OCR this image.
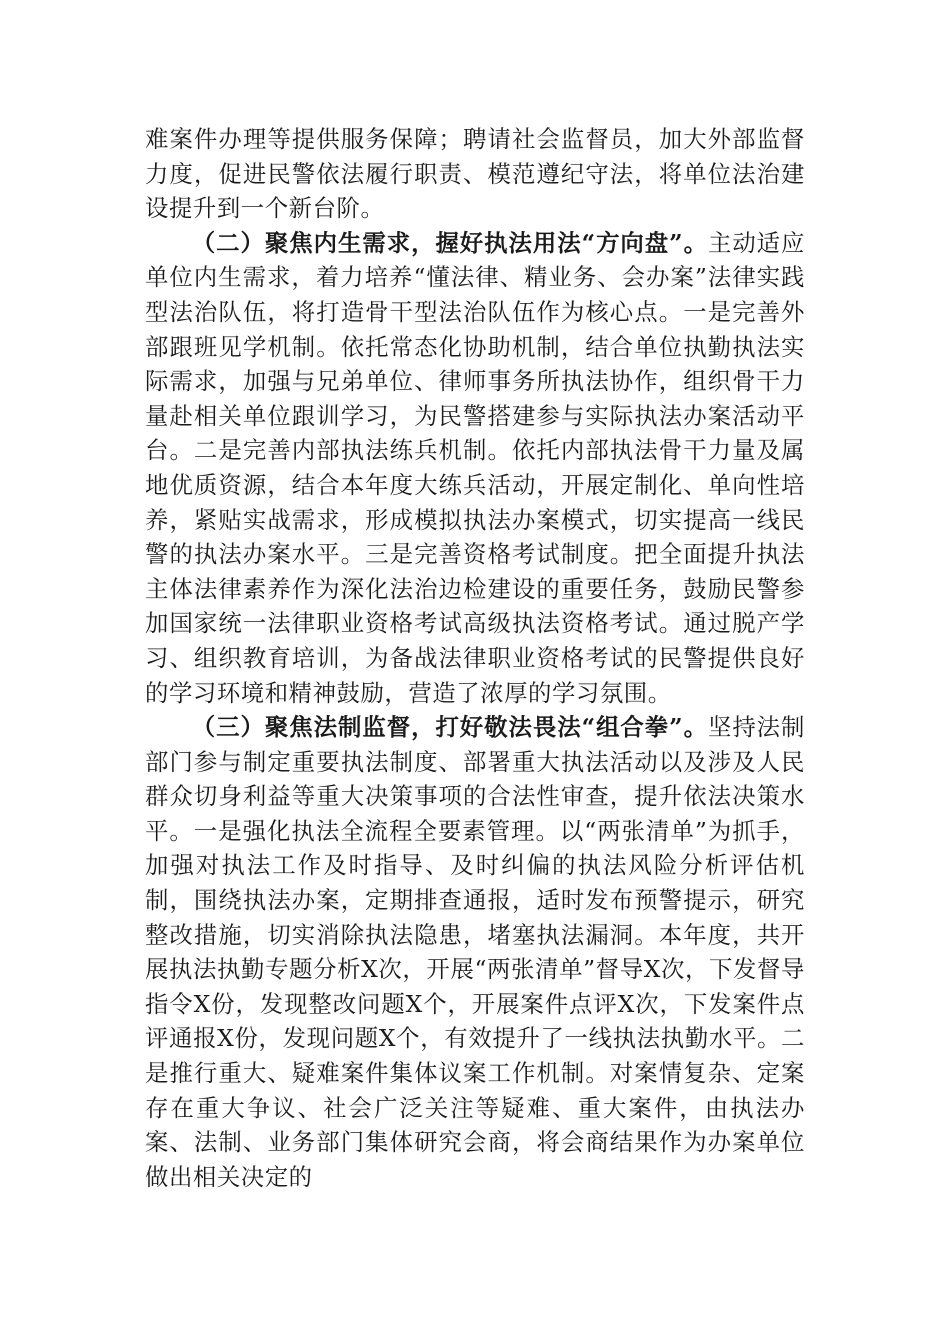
难案件办理等提供服务保障；聘请社会监督员，加大外部监督力度，促进民警依法履行职责、模范遵纪守法，将单位法治建设提升到一个新台阶。

（二）聚焦内生需求，握好执法用法“方向盘”。主动适应单位内生需求，着力培养“懂法律、精业务、会办案”法律实践型法治队伍，将打造骨干型法治队伍作为核心点。一是完善外部跟班见学机制。依托常态化协助机制，结合单位执勤执法实际需求，加强与兄弟单位、律师事务所执法协作，组织骨干力量赴相关单位跟训学习，为民警搭建参与实际执法办案活动平台。二是完善内部执法练兵机制。依托内部执法骨干力量及属地优质资源，结合本年度大练兵活动，开展定制化、单向性培养，紧贴实战需求，形成模拟执法办案模式，切实提高一线民警的执法办案水平。三是完善资格考试制度。把全面提升执法主体法律素养作为深化法治边检建设的重要任务，鼓励民警参加国家统一法律职业资格考试高级执法资格考试。通过脱产学习、组织教育培训，为备战法律职业资格考试的民警提供良好的学习环境和精神鼓励，营造了浓厚的学习氛围。

（三）聚焦法制监督，打好敬法畏法“组合拳”。坚持法制部门参与制定重要执法制度、部署重大执法活动以及涉及人民群众切身利益等重大决策事项的合法性审查，提升依法决策水平。一是强化执法全流程全要素管理。以“两张清单”为抓手，加强对执法工作及时指导、及时纠偏的执法风险分析评估机制，围绕执法办案，定期排查通报，适时发布预警提示，研究整改措施，切实消除执法隐患，堵塞执法漏洞。本年度，共开展执法执勤专题分析X次，开展“两张清单”督导X次，下发督导指令X份，发现整改问题X个，开展案件点评X次，下发案件点评通报X份，发现问题X个，有效提升了一线执法执勤水平。二是推行重大、疑难案件集体议案工作机制。对案情复杂、定案存在重大争议、社会广泛关注等疑难、重大案件，由执法办案、法制、业务部门集体研究会商，将会商结果作为办案单位做出相关决定的
